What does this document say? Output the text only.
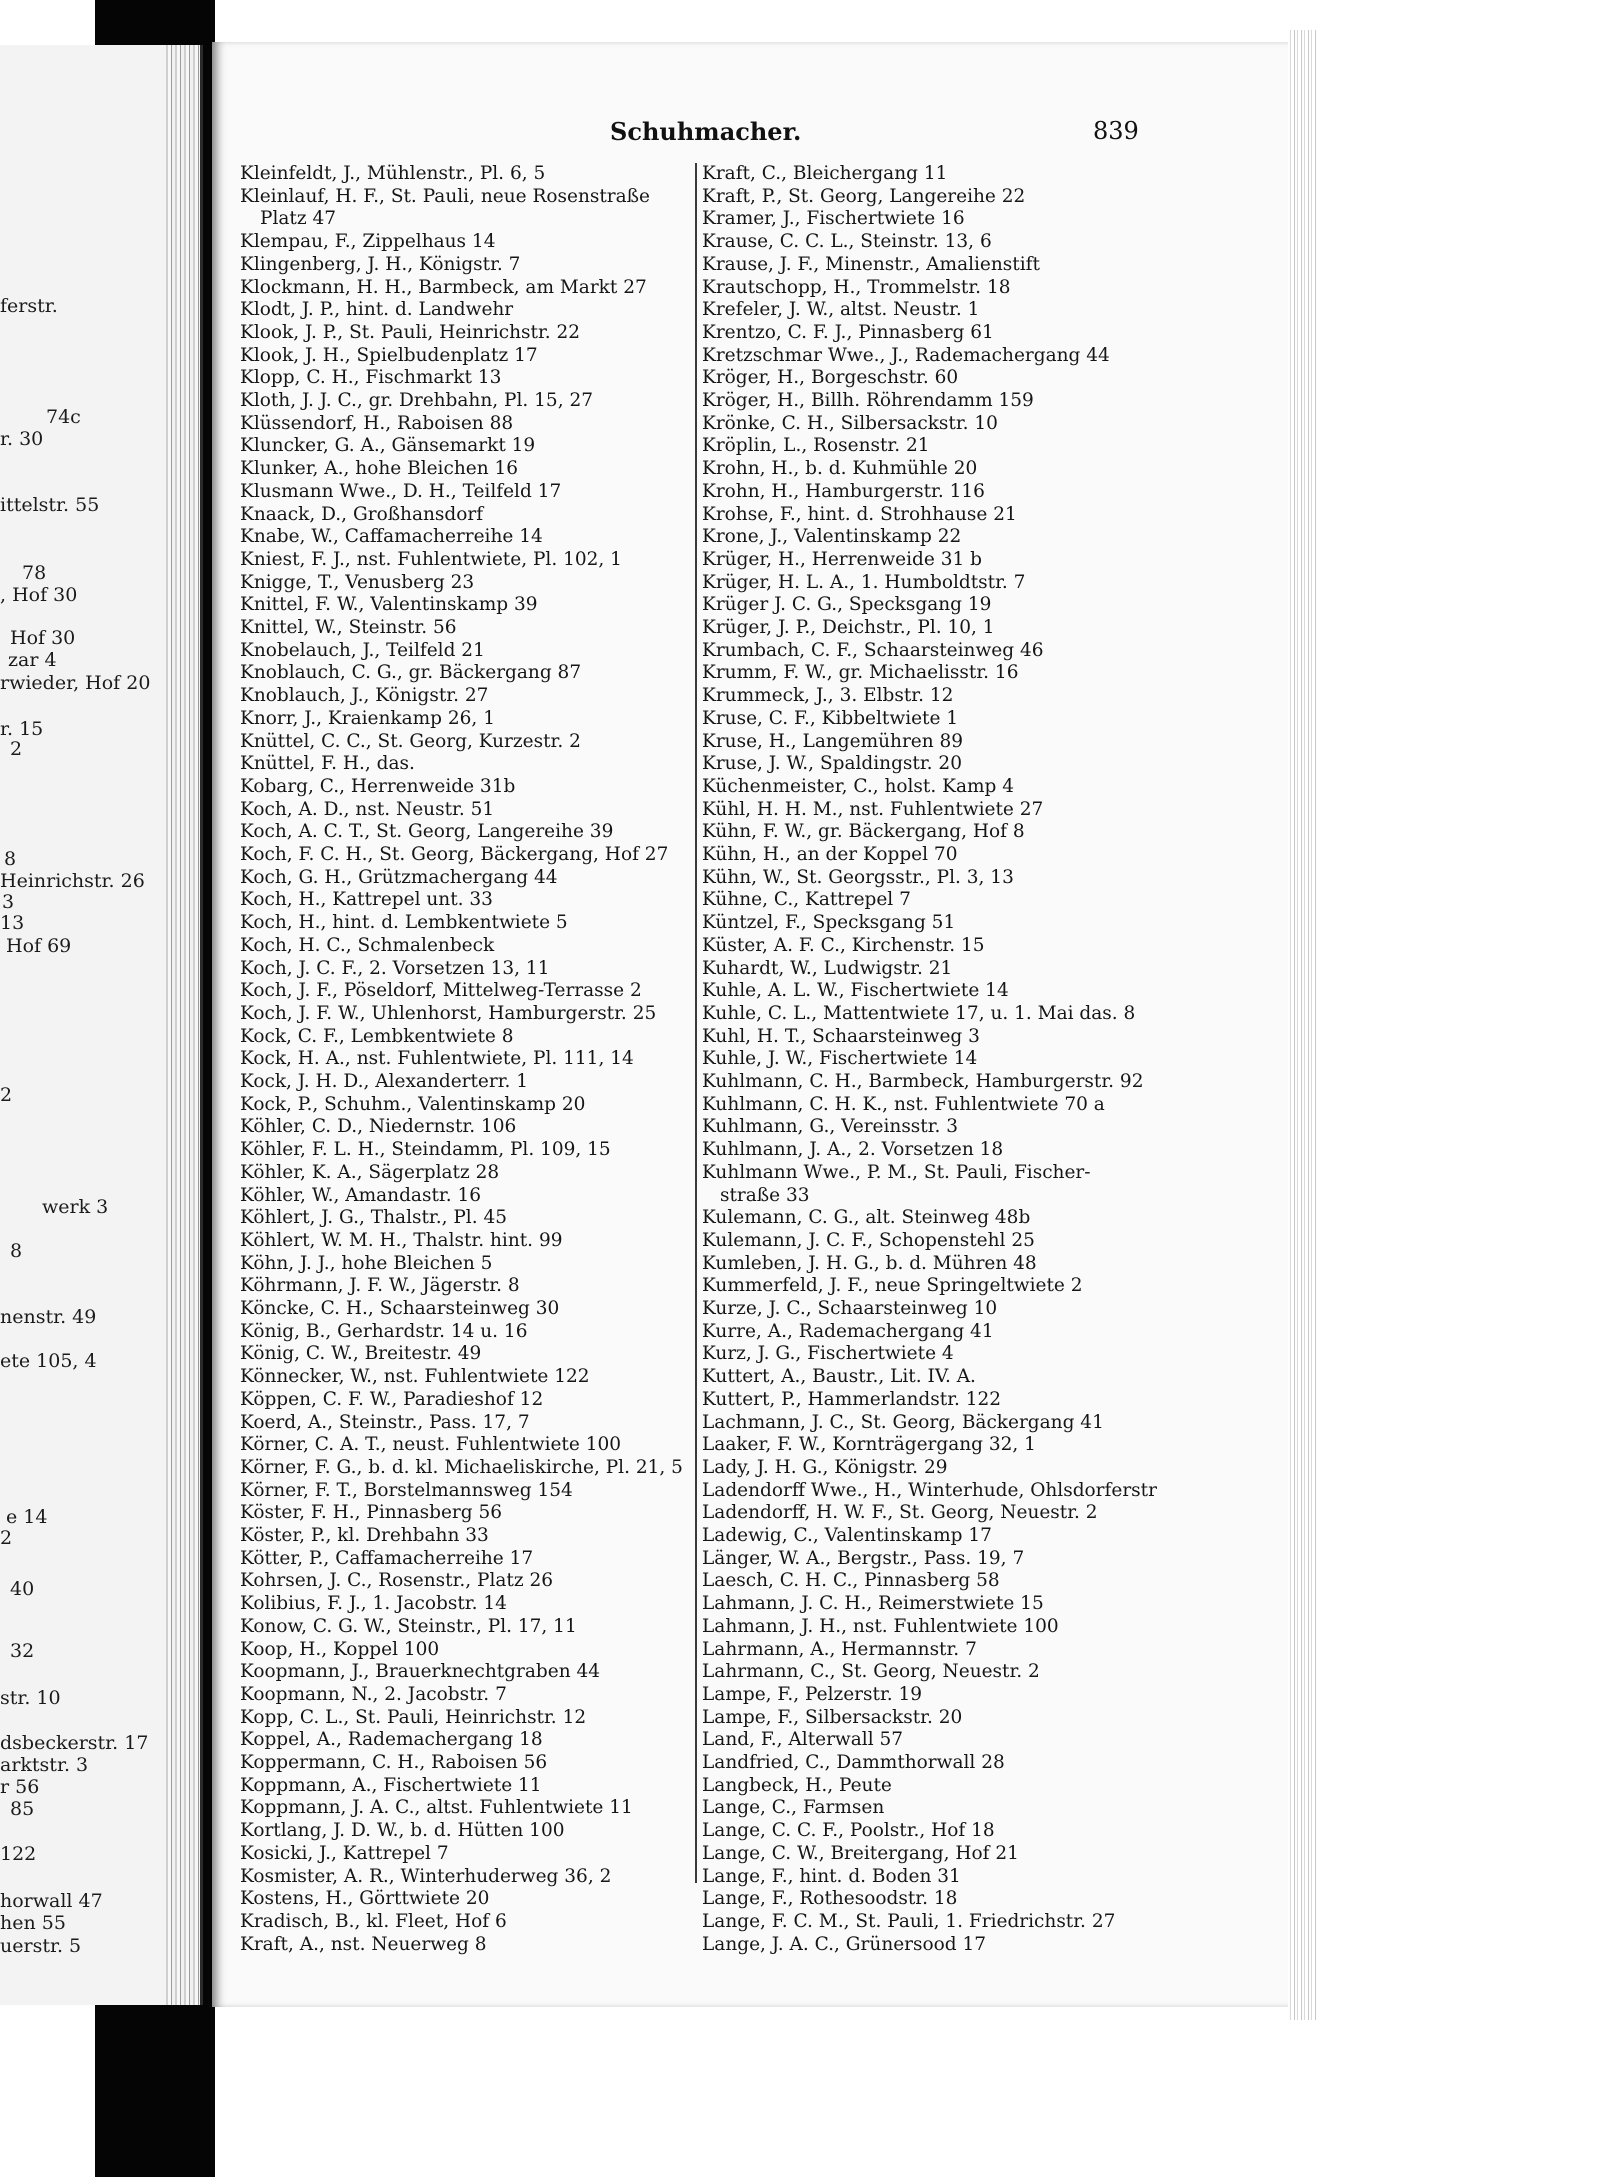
ferstr.
74c
r. 30
ittelstr. 55
78
, Hof 30
Hof 30
zar 4
rwieder, Hof 20
r. 15
2
8
Heinrichstr. 26
3
13
Hof 69
2
werk 3
8
nenstr. 49
ete 105, 4
e 14
2
40
32
str. 10
dsbeckerstr. 17
arktstr. 3
r 56
85
122
horwall 47
hen 55
uerstr. 5
Schuhmacher.	839
Kleinfeldt, J., Mühlenstr., Pl. 6, 5
Kleinlauf, H. F., St. Pauli, neue Rosenstraße
Platz 47
Klempau, F., Zippelhaus 14
Klingenberg, J. H., Königstr. 7
Klockmann, H. H., Barmbeck, am Markt 27
Klodt, J. P., hint. d. Landwehr
Klook, J. P., St. Pauli, Heinrichstr. 22
Klook, J. H., Spielbudenplatz 17
Klopp, C. H., Fischmarkt 13
Kloth, J. J. C., gr. Drehbahn, Pl. 15, 27
Klüssendorf, H., Raboisen 88
Kluncker, G. A., Gänsemarkt 19
Klunker, A., hohe Bleichen 16
Klusmann Wwe., D. H., Teilfeld 17
Knaack, D., Großhansdorf
Knabe, W., Caffamacherreihe 14
Kniest, F. J., nst. Fuhlentwiete, Pl. 102, 1
Knigge, T., Venusberg 23
Knittel, F. W., Valentinskamp 39
Knittel, W., Steinstr. 56
Knobelauch, J., Teilfeld 21
Knoblauch, C. G., gr. Bäckergang 87
Knoblauch, J., Königstr. 27
Knorr, J., Kraienkamp 26, 1
Knüttel, C. C., St. Georg, Kurzestr. 2
Knüttel, F. H., das.
Kobarg, C., Herrenweide 31b
Koch, A. D., nst. Neustr. 51
Koch, A. C. T., St. Georg, Langereihe 39
Koch, F. C. H., St. Georg, Bäckergang, Hof 27
Koch, G. H., Grützmachergang 44
Koch, H., Kattrepel unt. 33
Koch, H., hint. d. Lembkentwiete 5
Koch, H. C., Schmalenbeck
Koch, J. C. F., 2. Vorsetzen 13, 11
Koch, J. F., Pöseldorf, Mittelweg-Terrasse 2
Koch, J. F. W., Uhlenhorst, Hamburgerstr. 25
Kock, C. F., Lembkentwiete 8
Kock, H. A., nst. Fuhlentwiete, Pl. 111, 14
Kock, J. H. D., Alexanderterr. 1
Kock, P., Schuhm., Valentinskamp 20
Köhler, C. D., Niedernstr. 106
Köhler, F. L. H., Steindamm, Pl. 109, 15
Köhler, K. A., Sägerplatz 28
Köhler, W., Amandastr. 16
Köhlert, J. G., Thalstr., Pl. 45
Köhlert, W. M. H., Thalstr. hint. 99
Köhn, J. J., hohe Bleichen 5
Köhrmann, J. F. W., Jägerstr. 8
Köncke, C. H., Schaarsteinweg 30
König, B., Gerhardstr. 14 u. 16
König, C. W., Breitestr. 49
Könnecker, W., nst. Fuhlentwiete 122
Köppen, C. F. W., Paradieshof 12
Koerd, A., Steinstr., Pass. 17, 7
Körner, C. A. T., neust. Fuhlentwiete 100
Körner, F. G., b. d. kl. Michaeliskirche, Pl. 21, 5
Körner, F. T., Borstelmannsweg 154
Köster, F. H., Pinnasberg 56
Köster, P., kl. Drehbahn 33
Kötter, P., Caffamacherreihe 17
Kohrsen, J. C., Rosenstr., Platz 26
Kolibius, F. J., 1. Jacobstr. 14
Konow, C. G. W., Steinstr., Pl. 17, 11
Koop, H., Koppel 100
Koopmann, J., Brauerknechtgraben 44
Koopmann, N., 2. Jacobstr. 7
Kopp, C. L., St. Pauli, Heinrichstr. 12
Koppel, A., Rademachergang 18
Koppermann, C. H., Raboisen 56
Koppmann, A., Fischertwiete 11
Koppmann, J. A. C., altst. Fuhlentwiete 11
Kortlang, J. D. W., b. d. Hütten 100
Kosicki, J., Kattrepel 7
Kosmister, A. R., Winterhuderweg 36, 2
Kostens, H., Görttwiete 20
Kradisch, B., kl. Fleet, Hof 6
Kraft, A., nst. Neuerweg 8
Kraft, C., Bleichergang 11
Kraft, P., St. Georg, Langereihe 22
Kramer, J., Fischertwiete 16
Krause, C. C. L., Steinstr. 13, 6
Krause, J. F., Minenstr., Amalienstift
Krautschopp, H., Trommelstr. 18
Krefeler, J. W., altst. Neustr. 1
Krentzo, C. F. J., Pinnasberg 61
Kretzschmar Wwe., J., Rademachergang 44
Kröger, H., Borgeschstr. 60
Kröger, H., Billh. Röhrendamm 159
Krönke, C. H., Silbersackstr. 10
Kröplin, L., Rosenstr. 21
Krohn, H., b. d. Kuhmühle 20
Krohn, H., Hamburgerstr. 116
Krohse, F., hint. d. Strohhause 21
Krone, J., Valentinskamp 22
Krüger, H., Herrenweide 31 b
Krüger, H. L. A., 1. Humboldtstr. 7
Krüger J. C. G., Specksgang 19
Krüger, J. P., Deichstr., Pl. 10, 1
Krumbach, C. F., Schaarsteinweg 46
Krumm, F. W., gr. Michaelisstr. 16
Krummeck, J., 3. Elbstr. 12
Kruse, C. F., Kibbeltwiete 1
Kruse, H., Langemühren 89
Kruse, J. W., Spaldingstr. 20
Küchenmeister, C., holst. Kamp 4
Kühl, H. H. M., nst. Fuhlentwiete 27
Kühn, F. W., gr. Bäckergang, Hof 8
Kühn, H., an der Koppel 70
Kühn, W., St. Georgsstr., Pl. 3, 13
Kühne, C., Kattrepel 7
Küntzel, F., Specksgang 51
Küster, A. F. C., Kirchenstr. 15
Kuhardt, W., Ludwigstr. 21
Kuhle, A. L. W., Fischertwiete 14
Kuhle, C. L., Mattentwiete 17, u. 1. Mai das. 8
Kuhl, H. T., Schaarsteinweg 3
Kuhle, J. W., Fischertwiete 14
Kuhlmann, C. H., Barmbeck, Hamburgerstr. 92
Kuhlmann, C. H. K., nst. Fuhlentwiete 70 a
Kuhlmann, G., Vereinsstr. 3
Kuhlmann, J. A., 2. Vorsetzen 18
Kuhlmann Wwe., P. M., St. Pauli, Fischer-
straße 33
Kulemann, C. G., alt. Steinweg 48b
Kulemann, J. C. F., Schopenstehl 25
Kumleben, J. H. G., b. d. Mühren 48
Kummerfeld, J. F., neue Springeltwiete 2
Kurze, J. C., Schaarsteinweg 10
Kurre, A., Rademachergang 41
Kurz, J. G., Fischertwiete 4
Kuttert, A., Baustr., Lit. IV. A.
Kuttert, P., Hammerlandstr. 122
Lachmann, J. C., St. Georg, Bäckergang 41
Laaker, F. W., Kornträgergang 32, 1
Lady, J. H. G., Königstr. 29
Ladendorff Wwe., H., Winterhude, Ohlsdorferstr
Ladendorff, H. W. F., St. Georg, Neuestr. 2
Ladewig, C., Valentinskamp 17
Länger, W. A., Bergstr., Pass. 19, 7
Laesch, C. H. C., Pinnasberg 58
Lahmann, J. C. H., Reimerstwiete 15
Lahmann, J. H., nst. Fuhlentwiete 100
Lahrmann, A., Hermannstr. 7
Lahrmann, C., St. Georg, Neuestr. 2
Lampe, F., Pelzerstr. 19
Lampe, F., Silbersackstr. 20
Land, F., Alterwall 57
Landfried, C., Dammthorwall 28
Langbeck, H., Peute
Lange, C., Farmsen
Lange, C. C. F., Poolstr., Hof 18
Lange, C. W., Breitergang, Hof 21
Lange, F., hint. d. Boden 31
Lange, F., Rothesoodstr. 18
Lange, F. C. M., St. Pauli, 1. Friedrichstr. 27
Lange, J. A. C., Grünersood 17
